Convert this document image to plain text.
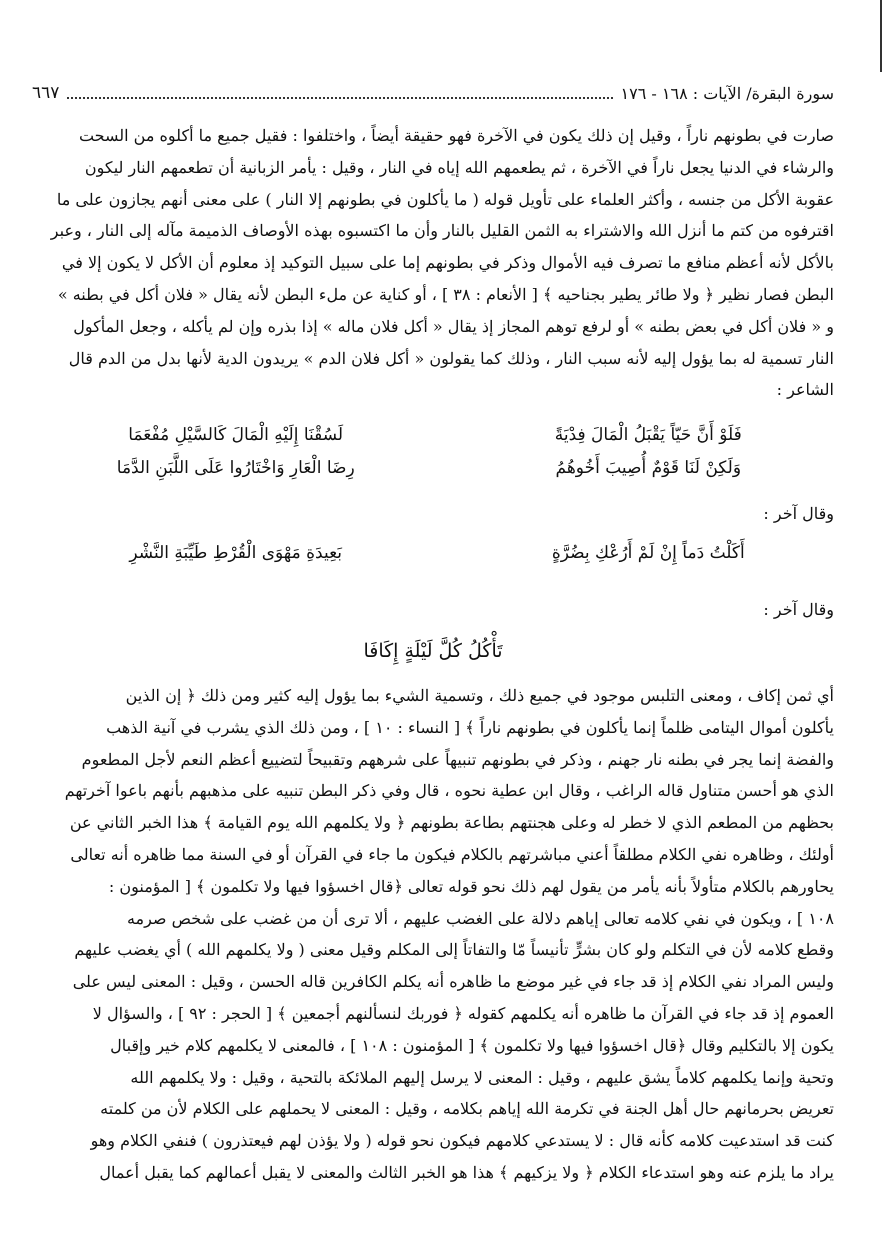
سورة البقرة/ الآيات : ١٦٨ - ١٧٦
٦٦٧

صارت في بطونهم ناراً ، وقيل إن ذلك يكون في الآخرة فهو حقيقة أيضاً ، واختلفوا : فقيل جميع ما أكلوه من السحت

والرشاء في الدنيا يجعل ناراً في الآخرة ، ثم يطعمهم الله إياه في النار ، وقيل : يأمر الزبانية أن تطعمهم النار ليكون

عقوبة الأكل من جنسه ، وأكثر العلماء على تأويل قوله ( ما يأكلون في بطونهم إلا النار ) على معنى أنهم يجازون على ما

اقترفوه من كتم ما أنزل الله والاشتراء به الثمن القليل بالنار وأن ما اكتسبوه بهذه الأوصاف الذميمة مآله إلى النار ، وعبر

بالأكل لأنه أعظم منافع ما تصرف فيه الأموال وذكر في بطونهم إما على سبيل التوكيد إذ معلوم أن الأكل لا يكون إلا في

البطن فصار نظير ﴿ ولا طائر يطير بجناحيه ﴾ [ الأنعام : ٣٨ ] ، أو كناية عن ملء البطن لأنه يقال « فلان أكل في بطنه »

و « فلان أكل في بعض بطنه » أو لرفع توهم المجاز إذ يقال « أكل فلان ماله » إذا بذره وإن لم يأكله ، وجعل المأكول

النار تسمية له بما يؤول إليه لأنه سبب النار ، وذلك كما يقولون « أكل فلان الدم » يريدون الدية لأنها بدل من الدم قال

الشاعر :

فَلَوْ أَنَّ حَيّاً يَقْبَلُ الْمَالَ فِدْيَةً
لَسُقْنَا إِلَيْهِ الْمَالَ كَالسَّيْلِ مُفْعَمَا
وَلَكِنْ لَنَا قَوْمٌ أُصِيبَ أَخُوهُمُ
رِضَا الْعَارِ وَاخْتَارُوا عَلَى اللَّبَنِ الدَّمَا
وقال آخر :
أَكَلْتُ دَماً إِنْ لَمْ أَرُعْكِ بِضُرَّةٍ
بَعِيدَةِ مَهْوَى الْقُرْطِ طَيِّبَةِ النَّشْرِ
وقال آخر :
تَأْكُلُ كُلَّ لَيْلَةٍ إِكَافَا

أي ثمن إكاف ، ومعنى التلبس موجود في جميع ذلك ، وتسمية الشيء بما يؤول إليه كثير ومن ذلك ﴿ إن الذين

يأكلون أموال اليتامى ظلماً إنما يأكلون في بطونهم ناراً ﴾ [ النساء : ١٠ ] ، ومن ذلك الذي يشرب في آنية الذهب

والفضة إنما يجر في بطنه نار جهنم ، وذكر في بطونهم تنبيهاً على شرههم وتقبيحاً لتضييع أعظم النعم لأجل المطعوم

الذي هو أحسن متناول قاله الراغب ، وقال ابن عطية نحوه ، قال وفي ذكر البطن تنبيه على مذهبهم بأنهم باعوا آخرتهم

بحظهم من المطعم الذي لا خطر له وعلى هجنتهم بطاعة بطونهم ﴿ ولا يكلمهم الله يوم القيامة ﴾ هذا الخبر الثاني عن

أولئك ، وظاهره نفي الكلام مطلقاً أعني مباشرتهم بالكلام فيكون ما جاء في القرآن أو في السنة مما ظاهره أنه تعالى

يحاورهم بالكلام متأولاً بأنه يأمر من يقول لهم ذلك نحو قوله تعالى ﴿قال اخسؤوا فيها ولا تكلمون ﴾ [ المؤمنون :

١٠٨ ] ، ويكون في نفي كلامه تعالى إياهم دلالة على الغضب عليهم ، ألا ترى أن من غضب على شخص صرمه

وقطع كلامه لأن في التكلم ولو كان بشرٍّ تأنيساً مّا والتفاتاً إلى المكلم وقيل معنى ( ولا يكلمهم الله ) أي يغضب عليهم

وليس المراد نفي الكلام إذ قد جاء في غير موضع ما ظاهره أنه يكلم الكافرين قاله الحسن ، وقيل : المعنى ليس على

العموم إذ قد جاء في القرآن ما ظاهره أنه يكلمهم كقوله ﴿ فوربك لنسألنهم أجمعين ﴾ [ الحجر : ٩٢ ] ، والسؤال لا

يكون إلا بالتكليم وقال ﴿قال اخسؤوا فيها ولا تكلمون ﴾ [ المؤمنون : ١٠٨ ] ، فالمعنى لا يكلمهم كلام خير وإقبال

وتحية وإنما يكلمهم كلاماً يشق عليهم ، وقيل : المعنى لا يرسل إليهم الملائكة بالتحية ، وقيل : ولا يكلمهم الله

تعريض بحرمانهم حال أهل الجنة في تكرمة الله إياهم بكلامه ، وقيل : المعنى لا يحملهم على الكلام لأن من كلمته

كنت قد استدعيت كلامه كأنه قال : لا يستدعي كلامهم فيكون نحو قوله ( ولا يؤذن لهم فيعتذرون ) فنفي الكلام وهو

يراد ما يلزم عنه وهو استدعاء الكلام ﴿ ولا يزكيهم ﴾ هذا هو الخبر الثالث والمعنى لا يقبل أعمالهم كما يقبل أعمال
